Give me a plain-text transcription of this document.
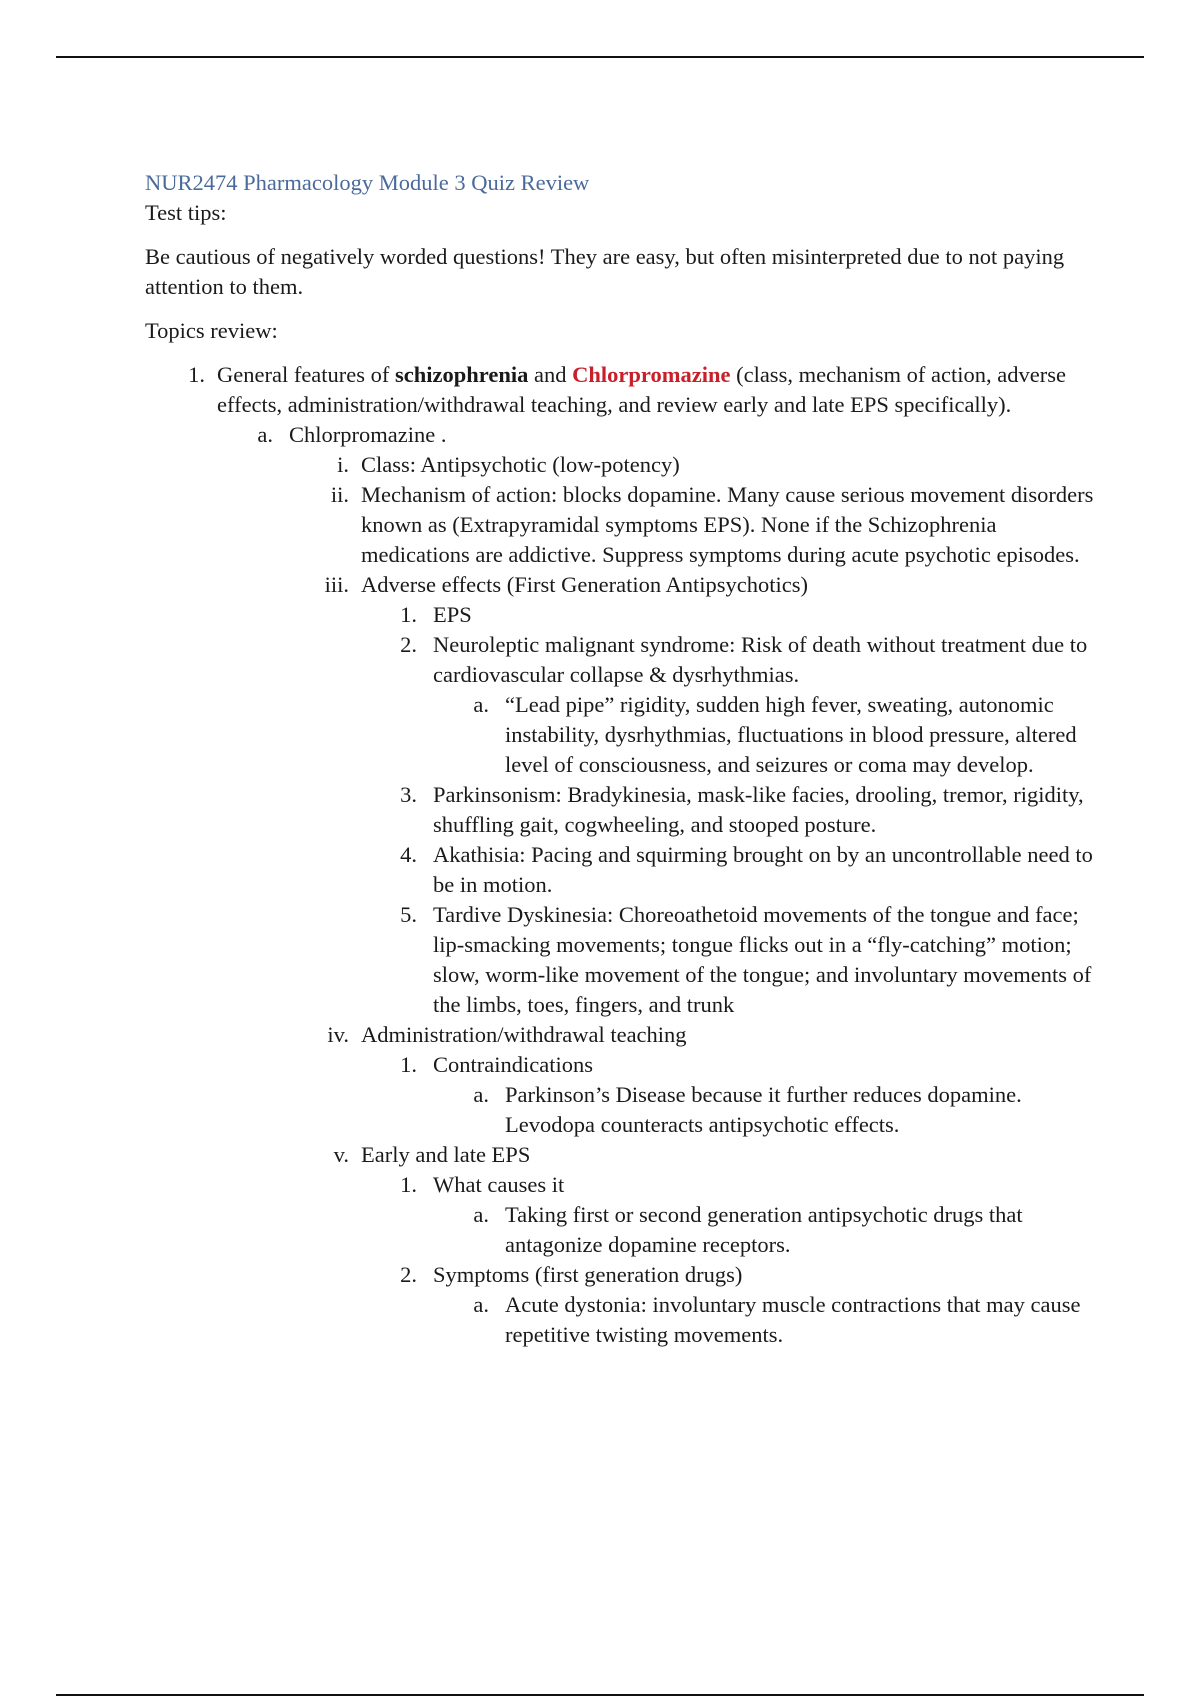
NUR2474 Pharmacology Module 3 Quiz Review

Test tips:

Be cautious of negatively worded questions! They are easy, but often misinterpreted due to not paying attention to them.

Topics review:

1. General features of schizophrenia and Chlorpromazine (class, mechanism of action, adverse effects, administration/withdrawal teaching, and review early and late EPS specifically).
a. Chlorpromazine .
i. Class: Antipsychotic (low-potency)
ii. Mechanism of action: blocks dopamine. Many cause serious movement disorders known as (Extrapyramidal symptoms EPS). None if the Schizophrenia medications are addictive. Suppress symptoms during acute psychotic episodes.
iii. Adverse effects (First Generation Antipsychotics)
1. EPS
2. Neuroleptic malignant syndrome: Risk of death without treatment due to cardiovascular collapse & dysrhythmias.
a. “Lead pipe” rigidity, sudden high fever, sweating, autonomic instability, dysrhythmias, fluctuations in blood pressure, altered level of consciousness, and seizures or coma may develop.
3. Parkinsonism: Bradykinesia, mask-like facies, drooling, tremor, rigidity, shuffling gait, cogwheeling, and stooped posture.
4. Akathisia: Pacing and squirming brought on by an uncontrollable need to be in motion.
5. Tardive Dyskinesia: Choreoathetoid movements of the tongue and face; lip-smacking movements; tongue flicks out in a “fly-catching” motion; slow, worm-like movement of the tongue; and involuntary movements of the limbs, toes, fingers, and trunk
iv. Administration/withdrawal teaching
1. Contraindications
a. Parkinson’s Disease because it further reduces dopamine. Levodopa counteracts antipsychotic effects.
v. Early and late EPS
1. What causes it
a. Taking first or second generation antipsychotic drugs that antagonize dopamine receptors.
2. Symptoms (first generation drugs)
a. Acute dystonia: involuntary muscle contractions that may cause repetitive twisting movements.
